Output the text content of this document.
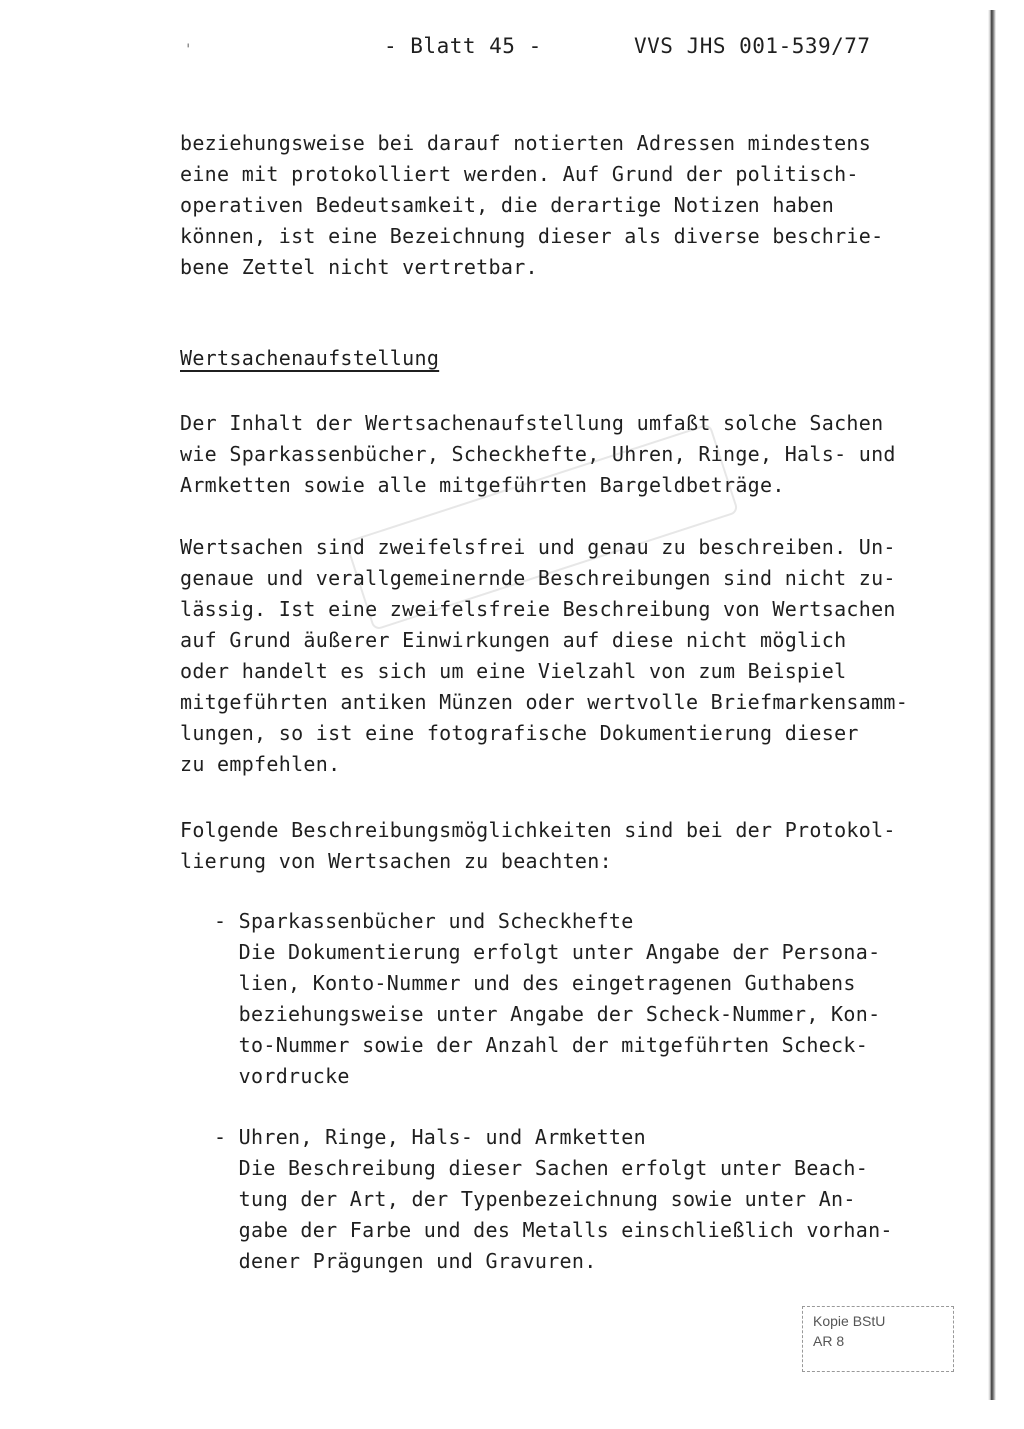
'	- Blatt 45 -	VVS JHS 001-539/77

beziehungsweise bei darauf notierten Adressen mindestens
eine mit protokolliert werden. Auf Grund der politisch-
operativen Bedeutsamkeit, die derartige Notizen haben
können, ist eine Bezeichnung dieser als diverse beschrie-
bene Zettel nicht vertretbar.

Wertsachenaufstellung

Der Inhalt der Wertsachenaufstellung umfaßt solche Sachen
wie Sparkassenbücher, Scheckhefte, Uhren, Ringe, Hals- und
Armketten sowie alle mitgeführten Bargeldbeträge.

Wertsachen sind zweifelsfrei und genau zu beschreiben. Un-
genaue und verallgemeinernde Beschreibungen sind nicht zu-
lässig. Ist eine zweifelsfreie Beschreibung von Wertsachen
auf Grund äußerer Einwirkungen auf diese nicht möglich
oder handelt es sich um eine Vielzahl von zum Beispiel
mitgeführten antiken Münzen oder wertvolle Briefmarkensamm-
lungen, so ist eine fotografische Dokumentierung dieser
zu empfehlen.

Folgende Beschreibungsmöglichkeiten sind bei der Protokol-
lierung von Wertsachen zu beachten:

- Sparkassenbücher und Scheckhefte
Die Dokumentierung erfolgt unter Angabe der Persona-
lien, Konto-Nummer und des eingetragenen Guthabens
beziehungsweise unter Angabe der Scheck-Nummer, Kon-
to-Nummer sowie der Anzahl der mitgeführten Scheck-
vordrucke

- Uhren, Ringe, Hals- und Armketten
Die Beschreibung dieser Sachen erfolgt unter Beach-
tung der Art, der Typenbezeichnung sowie unter An-
gabe der Farbe und des Metalls einschließlich vorhan-
dener Prägungen und Gravuren.

Kopie BStU
AR 8
